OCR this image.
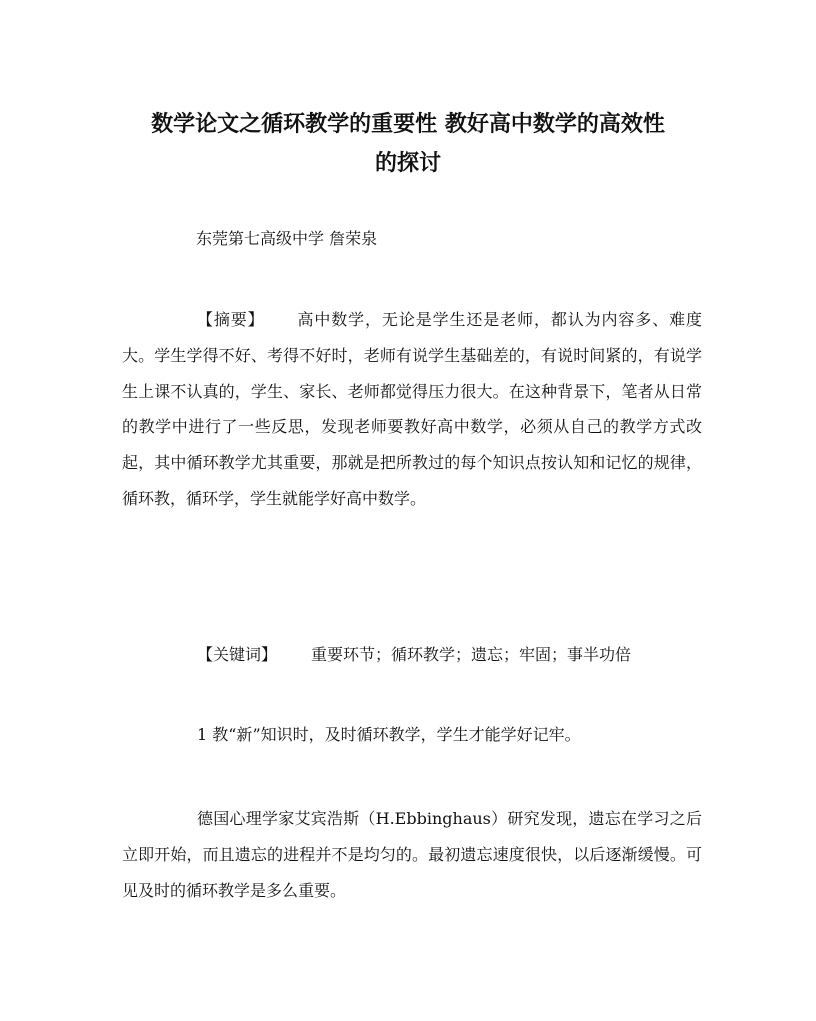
数学论文之循环教学的重要性 教好高中数学的高效性
的探讨

东莞第七高级中学 詹荣泉

【摘要】 高中数学，无论是学生还是老师，都认为内容多、难度大。学生学得不好、考得不好时，老师有说学生基础差的，有说时间紧的，有说学生上课不认真的，学生、家长、老师都觉得压力很大。在这种背景下，笔者从日常的教学中进行了一些反思，发现老师要教好高中数学，必须从自己的教学方式改起，其中循环教学尤其重要，那就是把所教过的每个知识点按认知和记忆的规律，循环教，循环学，学生就能学好高中数学。

【关键词】 重要环节；循环教学；遗忘；牢固；事半功倍

1 教“新”知识时，及时循环教学，学生才能学好记牢。

德国心理学家艾宾浩斯（H.Ebbinghaus）研究发现，遗忘在学习之后立即开始，而且遗忘的进程并不是均匀的。最初遗忘速度很快，以后逐渐缓慢。可见及时的循环教学是多么重要。
